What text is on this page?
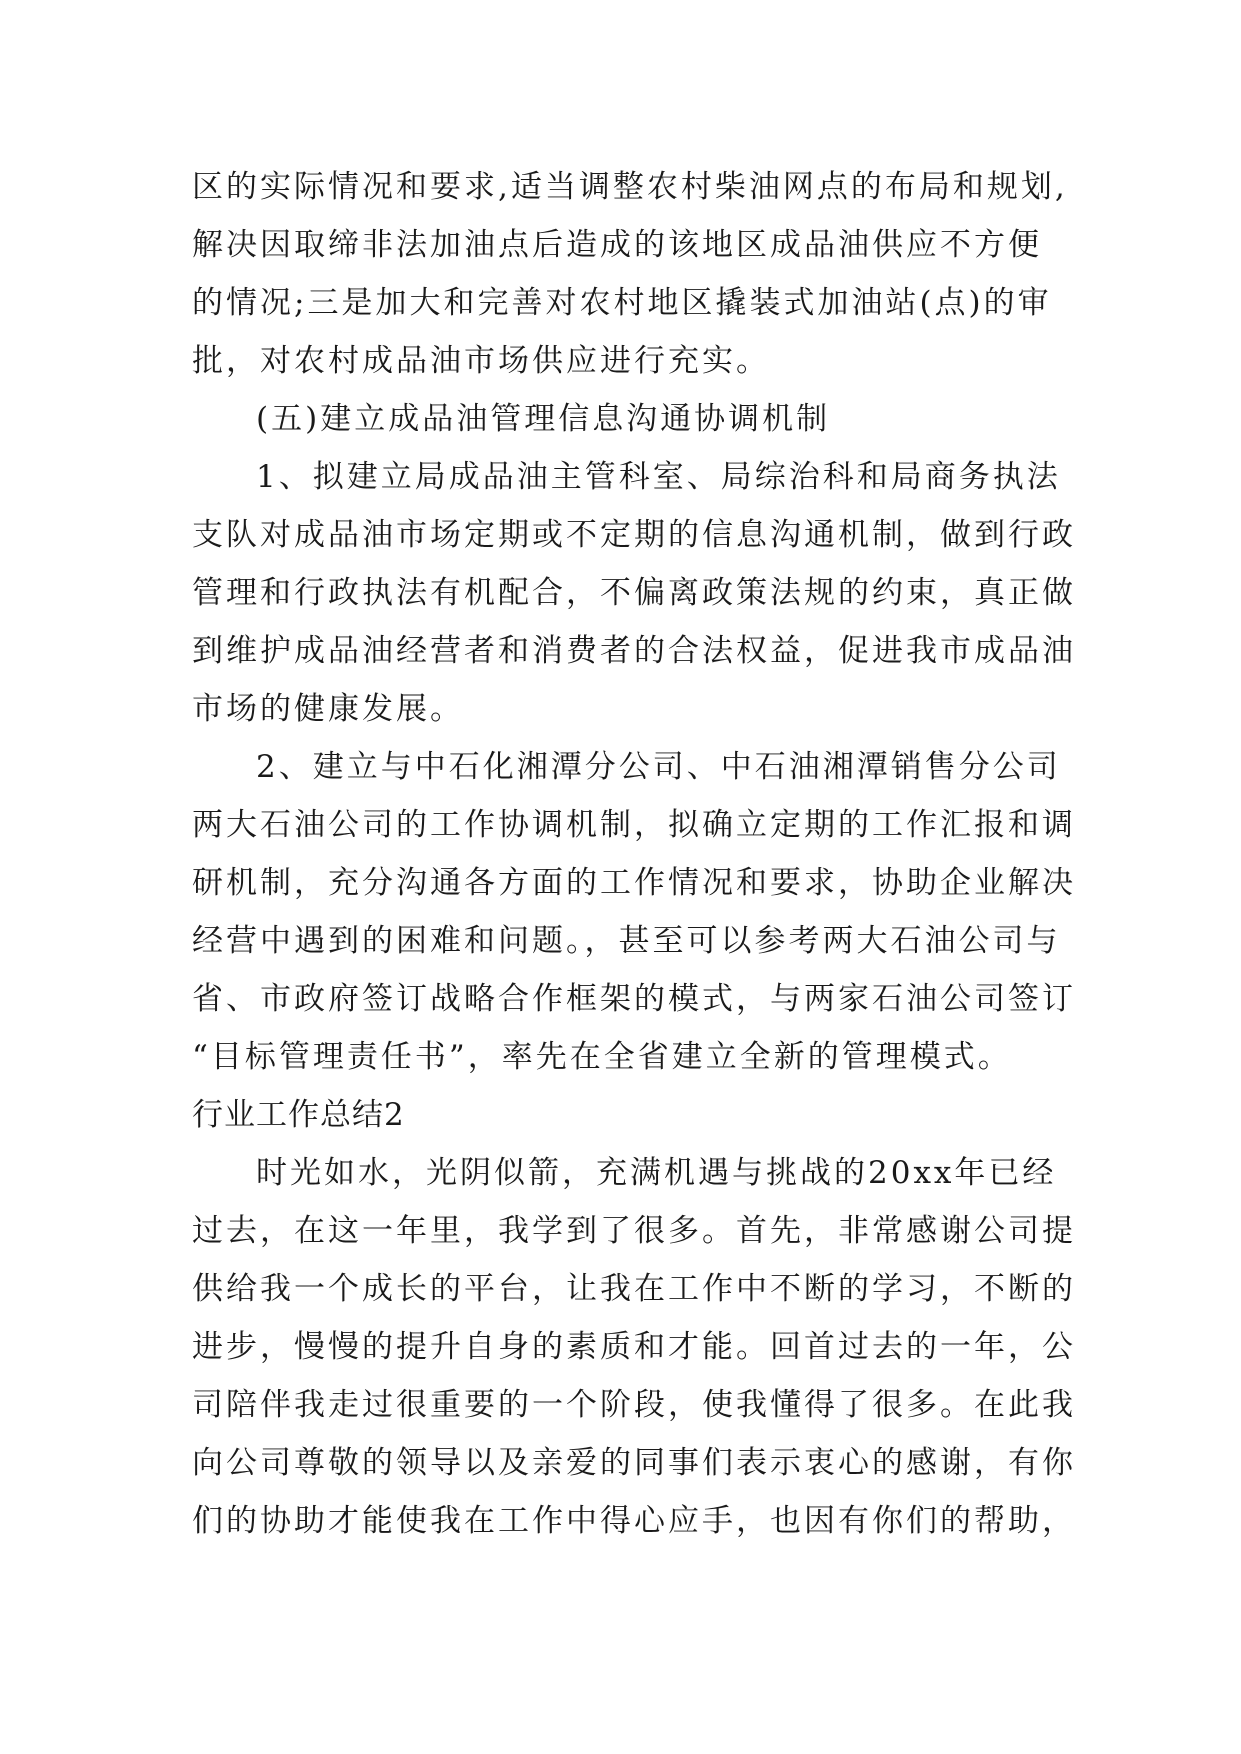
区的实际情况和要求,适当调整农村柴油网点的布局和规划,
解决因取缔非法加油点后造成的该地区成品油供应不方便
的情况;三是加大和完善对农村地区撬装式加油站(点)的审
批，对农村成品油市场供应进行充实。
(五)建立成品油管理信息沟通协调机制
1、拟建立局成品油主管科室、局综治科和局商务执法
支队对成品油市场定期或不定期的信息沟通机制，做到行政
管理和行政执法有机配合，不偏离政策法规的约束，真正做
到维护成品油经营者和消费者的合法权益，促进我市成品油
市场的健康发展。
2、建立与中石化湘潭分公司、中石油湘潭销售分公司
两大石油公司的工作协调机制，拟确立定期的工作汇报和调
研机制，充分沟通各方面的工作情况和要求，协助企业解决
经营中遇到的困难和问题。，甚至可以参考两大石油公司与
省、市政府签订战略合作框架的模式，与两家石油公司签订
“目标管理责任书”，率先在全省建立全新的管理模式。
行业工作总结2
时光如水，光阴似箭，充满机遇与挑战的20xx年已经
过去，在这一年里，我学到了很多。首先，非常感谢公司提
供给我一个成长的平台，让我在工作中不断的学习，不断的
进步，慢慢的提升自身的素质和才能。回首过去的一年，公
司陪伴我走过很重要的一个阶段，使我懂得了很多。在此我
向公司尊敬的领导以及亲爱的同事们表示衷心的感谢，有你
们的协助才能使我在工作中得心应手，也因有你们的帮助，
